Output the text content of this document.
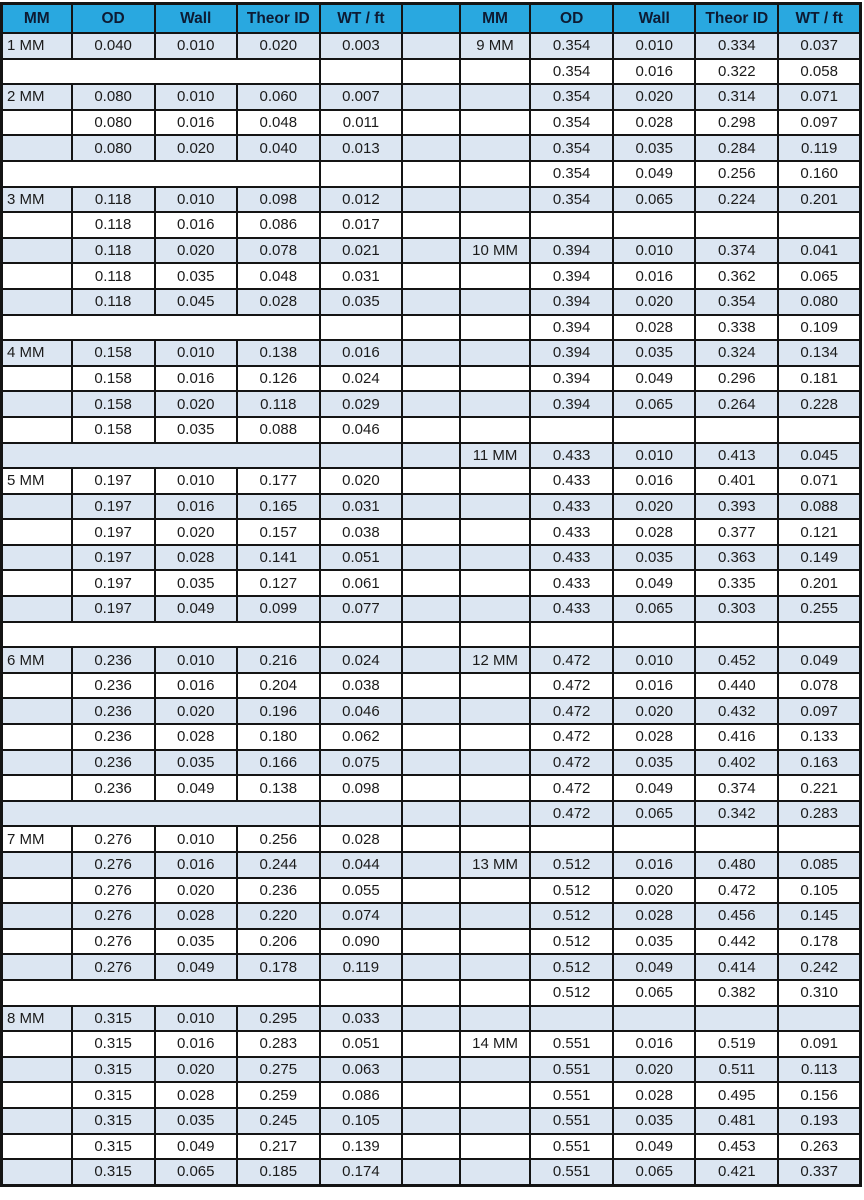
MM	OD	Wall	Theor ID	WT / ft		MM	OD	Wall	Theor ID	WT / ft
1 MM	0.040	0.010	0.020	0.003		9 MM	0.354	0.010	0.334	0.037
							0.354	0.016	0.322	0.058
2 MM	0.080	0.010	0.060	0.007			0.354	0.020	0.314	0.071
	0.080	0.016	0.048	0.011			0.354	0.028	0.298	0.097
	0.080	0.020	0.040	0.013			0.354	0.035	0.284	0.119
							0.354	0.049	0.256	0.160
3 MM	0.118	0.010	0.098	0.012			0.354	0.065	0.224	0.201
	0.118	0.016	0.086	0.017						
	0.118	0.020	0.078	0.021		10 MM	0.394	0.010	0.374	0.041
	0.118	0.035	0.048	0.031			0.394	0.016	0.362	0.065
	0.118	0.045	0.028	0.035			0.394	0.020	0.354	0.080
							0.394	0.028	0.338	0.109
4 MM	0.158	0.010	0.138	0.016			0.394	0.035	0.324	0.134
	0.158	0.016	0.126	0.024			0.394	0.049	0.296	0.181
	0.158	0.020	0.118	0.029			0.394	0.065	0.264	0.228
	0.158	0.035	0.088	0.046						
						11 MM	0.433	0.010	0.413	0.045
5 MM	0.197	0.010	0.177	0.020			0.433	0.016	0.401	0.071
	0.197	0.016	0.165	0.031			0.433	0.020	0.393	0.088
	0.197	0.020	0.157	0.038			0.433	0.028	0.377	0.121
	0.197	0.028	0.141	0.051			0.433	0.035	0.363	0.149
	0.197	0.035	0.127	0.061			0.433	0.049	0.335	0.201
	0.197	0.049	0.099	0.077			0.433	0.065	0.303	0.255

6 MM	0.236	0.010	0.216	0.024		12 MM	0.472	0.010	0.452	0.049
	0.236	0.016	0.204	0.038			0.472	0.016	0.440	0.078
	0.236	0.020	0.196	0.046			0.472	0.020	0.432	0.097
	0.236	0.028	0.180	0.062			0.472	0.028	0.416	0.133
	0.236	0.035	0.166	0.075			0.472	0.035	0.402	0.163
	0.236	0.049	0.138	0.098			0.472	0.049	0.374	0.221
							0.472	0.065	0.342	0.283
7 MM	0.276	0.010	0.256	0.028						
	0.276	0.016	0.244	0.044		13 MM	0.512	0.016	0.480	0.085
	0.276	0.020	0.236	0.055			0.512	0.020	0.472	0.105
	0.276	0.028	0.220	0.074			0.512	0.028	0.456	0.145
	0.276	0.035	0.206	0.090			0.512	0.035	0.442	0.178
	0.276	0.049	0.178	0.119			0.512	0.049	0.414	0.242
							0.512	0.065	0.382	0.310
8 MM	0.315	0.010	0.295	0.033						
	0.315	0.016	0.283	0.051		14 MM	0.551	0.016	0.519	0.091
	0.315	0.020	0.275	0.063			0.551	0.020	0.511	0.113
	0.315	0.028	0.259	0.086			0.551	0.028	0.495	0.156
	0.315	0.035	0.245	0.105			0.551	0.035	0.481	0.193
	0.315	0.049	0.217	0.139			0.551	0.049	0.453	0.263
	0.315	0.065	0.185	0.174			0.551	0.065	0.421	0.337
